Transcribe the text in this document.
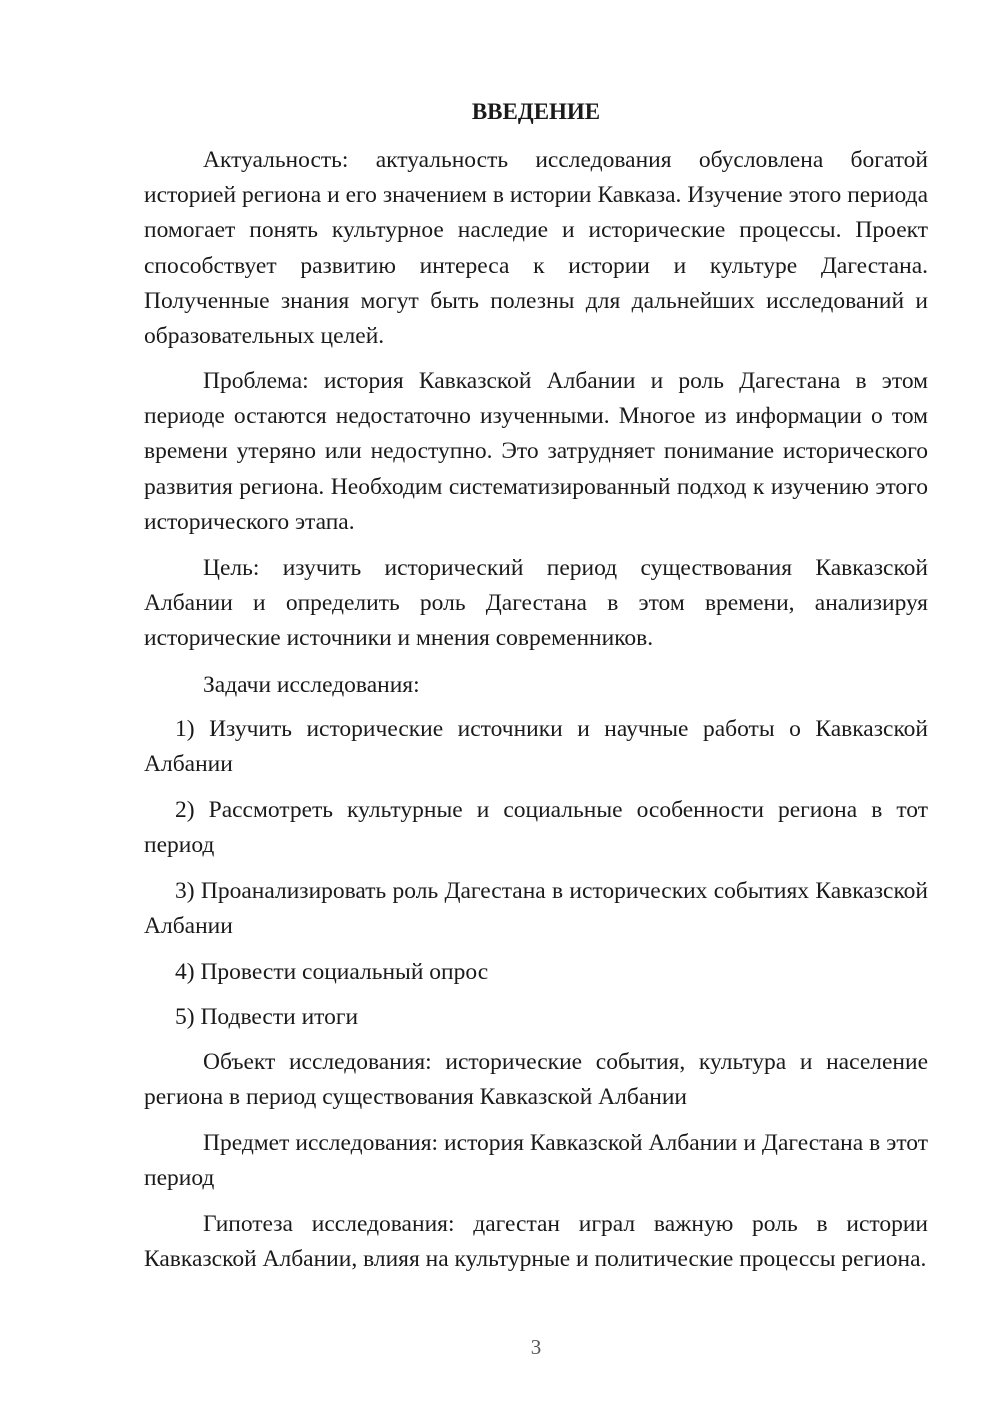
ВВЕДЕНИЕ

Актуальность: актуальность исследования обусловлена богатой историей региона и его значением в истории Кавказа. Изучение этого периода помогает понять культурное наследие и исторические процессы. Проект способствует развитию интереса к истории и культуре Дагестана. Полученные знания могут быть полезны для дальнейших исследований и образовательных целей.

Проблема: история Кавказской Албании и роль Дагестана в этом периоде остаются недостаточно изученными. Многое из информации о том времени утеряно или недоступно. Это затрудняет понимание исторического развития региона. Необходим систематизированный подход к изучению этого исторического этапа.

Цель: изучить исторический период существования Кавказской Албании и определить роль Дагестана в этом времени, анализируя исторические источники и мнения современников.

Задачи исследования:

1) Изучить исторические источники и научные работы о Кавказской Албании

2) Рассмотреть культурные и социальные особенности региона в тот период

3) Проанализировать роль Дагестана в исторических событиях Кавказской Албании

4) Провести социальный опрос

5) Подвести итоги

Объект исследования: исторические события, культура и население региона в период существования Кавказской Албании

Предмет исследования: история Кавказской Албании и Дагестана в этот период

Гипотеза исследования: дагестан играл важную роль в истории Кавказской Албании, влияя на культурные и политические процессы региона.

3
